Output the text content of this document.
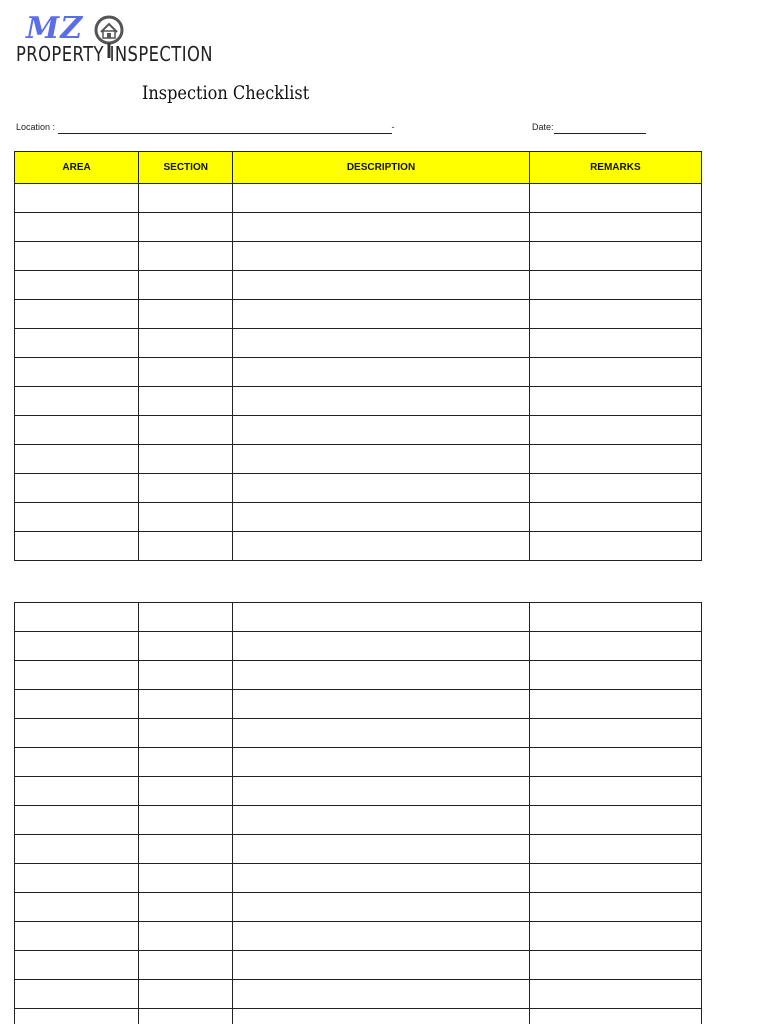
MZ
PROPERTY INSPECTION
Inspection Checklist
Location :	-	Date:
AREA	SECTION	DESCRIPTION	REMARKS
